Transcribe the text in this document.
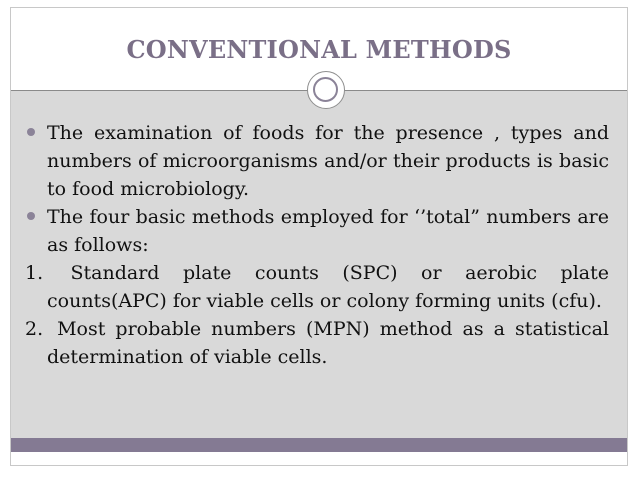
CONVENTIONAL METHODS
The examination of foods for the presence , types and numbers of microorganisms and/or their products is basic to food microbiology.
The four basic methods employed for ‘’total” numbers are as follows:
1. Standard plate counts (SPC) or aerobic plate counts(APC) for viable cells or colony forming units (cfu).
2. Most probable numbers (MPN) method as a statistical determination of viable cells.
